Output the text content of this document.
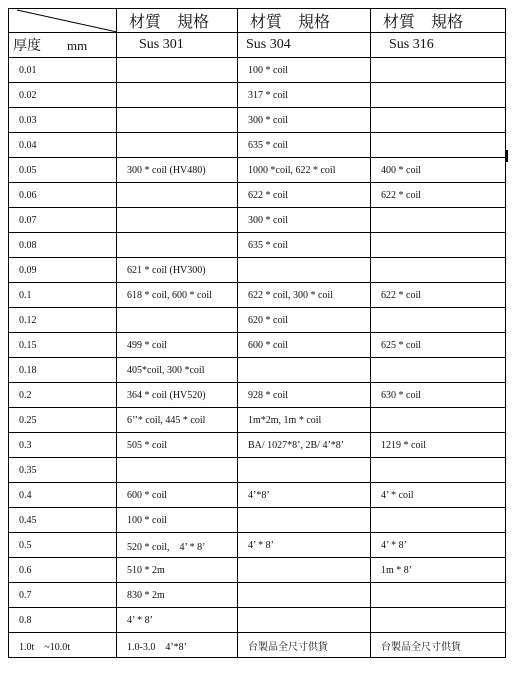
	材質　規格	材質　規格	材質　規格
厚度 mm	Sus 301	Sus 304	Sus 316
0.01		100 * coil	
0.02		317 * coil	
0.03		300 * coil	
0.04		635 * coil	
0.05	300 * coil (HV480)	1000 *coil, 622 * coil	400 * coil
0.06		622 * coil	622 * coil
0.07		300 * coil	
0.08		635 * coil	
0.09	621 * coil (HV300)		
0.1	618 * coil, 600 * coil	622 * coil, 300 * coil	622 * coil
0.12		620 * coil	
0.15	499 * coil	600 * coil	625 * coil
0.18	405*coil, 300 *coil		
0.2	364 * coil (HV520)	928 * coil	630 * coil
0.25	6’’* coil, 445 * coil	1m*2m, 1m * coil	
0.3	505 * coil	BA/ 1027*8’, 2B/ 4’*8’	1219 * coil
0.35			
0.4	600 * coil	4’*8’	4’ * coil
0.45	100 * coil		
0.5	520 * coil,　4’ * 8’	4’ * 8’	4’ * 8’
0.6	510 * 2m		1m * 8’
0.7	830 * 2m		
0.8	4’ * 8’		
1.0t　~10.0t	1.0-3.0　4’*8’	台製品全尺寸供貨	台製品全尺寸供貨
